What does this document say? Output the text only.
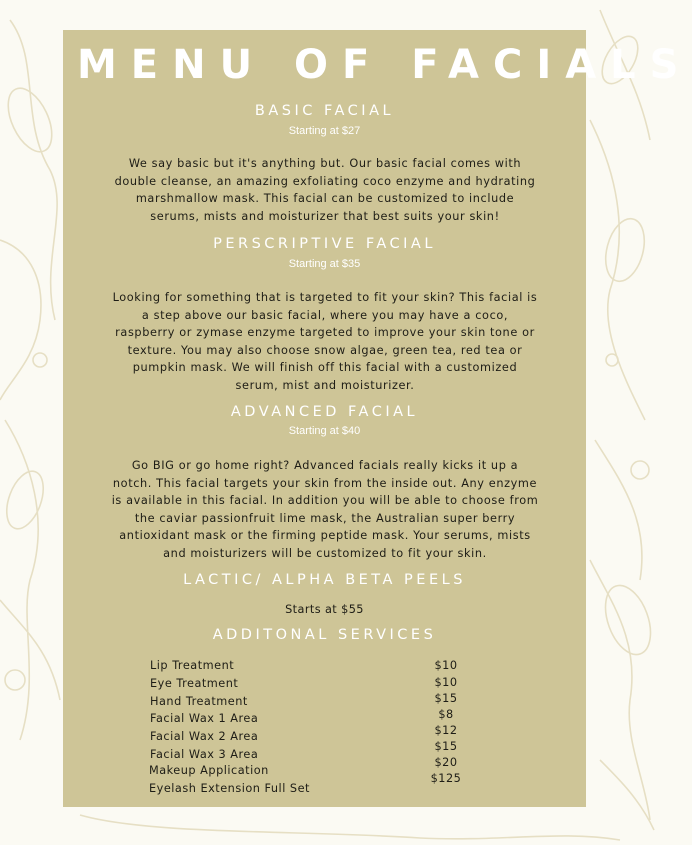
MENU OF FACIALS
BASIC FACIAL
Starting at $27
We say basic but it's anything but. Our basic facial comes with double cleanse, an amazing exfoliating coco enzyme and hydrating marshmallow mask. This facial can be customized to include serums, mists and moisturizer that best suits your skin!
PERSCRIPTIVE FACIAL
Starting at $35
Looking for something that is targeted to fit your skin? This facial is a step above our basic facial, where you may have a coco, raspberry or zymase enzyme targeted to improve your skin tone or texture. You may also choose snow algae, green tea, red tea or pumpkin mask. We will finish off this facial with a customized serum, mist and moisturizer.
ADVANCED FACIAL
Starting at $40
Go BIG or go home right? Advanced facials really kicks it up a notch. This facial targets your skin from the inside out. Any enzyme is available in this facial. In addition you will be able to choose from the caviar passionfruit lime mask, the Australian super berry antioxidant mask or the firming peptide mask. Your serums, mists and moisturizers will be customized to fit your skin.
LACTIC/ ALPHA BETA PEELS
Starts at $55
ADDITONAL SERVICES
Lip Treatment
Eye Treatment
Hand Treatment
Facial Wax 1 Area
Facial Wax 2 Area
Facial Wax 3 Area
Makeup Application
Eyelash Extension Full Set
$10
$10
$15
$8
$12
$15
$20
$125
